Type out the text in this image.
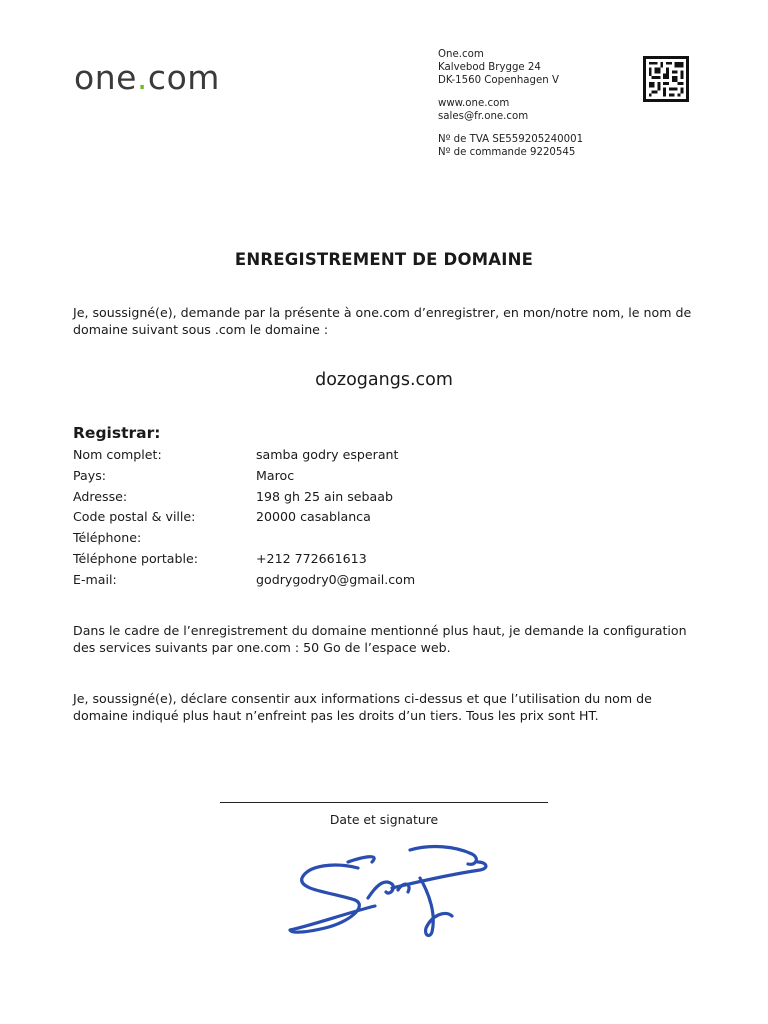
one.com
One.com
Kalvebod Brygge 24
DK-1560 Copenhagen V
www.one.com
sales@fr.one.com
Nº de TVA SE559205240001
Nº de commande 9220545
ENREGISTREMENT DE DOMAINE
Je, soussigné(e), demande par la présente à one.com d’enregistrer, en mon/notre nom, le nom de domaine suivant sous .com le domaine :
dozogangs.com
Registrar:
Nom complet:	samba godry esperant
Pays:	Maroc
Adresse:	198 gh 25 ain sebaab
Code postal & ville:	20000 casablanca
Téléphone:
Téléphone portable:	+212 772661613
E-mail:	godrygodry0@gmail.com
Dans le cadre de l’enregistrement du domaine mentionné plus haut, je demande la configuration des services suivants par one.com : 50 Go de l’espace web.
Je, soussigné(e), déclare consentir aux informations ci-dessus et que l’utilisation du nom de domaine indiqué plus haut n’enfreint pas les droits d’un tiers. Tous les prix sont HT.
Date et signature
